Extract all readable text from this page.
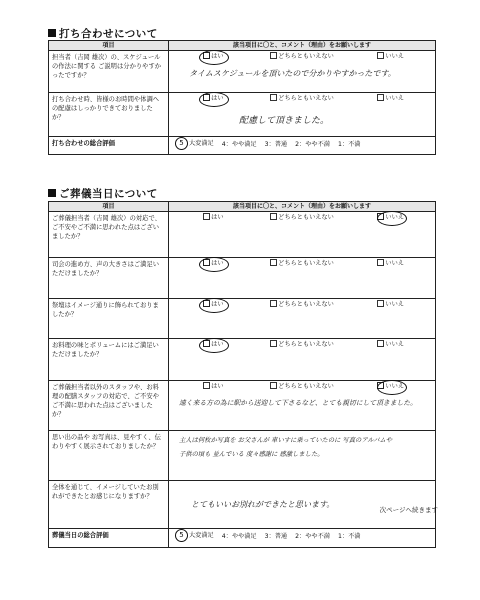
打ち合わせについて
項目	該当項目に〇と、コメント（理由）をお願いします
担当者（吉岡 雄次）の、スケジュールの作法に関する ご説明は分かりやすかったですか？	はい どちらともいえない いいえ
タイムスケジュールを頂いたので分かりやすかったです。

打ち合わせ時、皆様のお時間や体調への配慮はしっかりできておりましたか？	はい どちらともいえない いいえ
配慮して頂きました。

打ち合わせの総合評価	5 大変満足 4：やや満足 3：普通 2：やや不満 1：不満
ご葬儀当日について
項目	該当項目に〇と、コメント（理由）をお願いします
ご葬儀担当者（吉岡 雄次）の対応で、ご不安やご不満に思われた点はございましたか？	はい どちらともいえない いいえ

司会の進め方、声の大きさはご満足いただけましたか？	はい どちらともいえない いいえ

祭壇はイメージ通りに飾られておりましたか？	はい どちらともいえない いいえ

お料理の味とボリュームにはご満足いただけましたか？	はい どちらともいえない いいえ

ご葬儀担当者以外のスタッフや、お料理の配膳スタッフの対応で、ご不安やご不満に思われた点はございましたか？	はい どちらともいえない いいえ
遠く来る方の為に駅から送迎して下さるなど、とても親切にして頂きました。

思い出の品や お写真は、見やすく、伝わりやすく展示されておりましたか？	主人は何枚か写真を お父さんが 車いすに乗っていたのに 写真のアルバムや
子供の頃も 並んでいる 度々感謝に 感激しました。

全体を通じて、イメージしていたお別れができたとお感じになりますか？	とてもいいお別れができたと思います。

葬儀当日の総合評価	5 大変満足 4：やや満足 3：普通 2：やや不満 1：不満
次ページへ続きます
